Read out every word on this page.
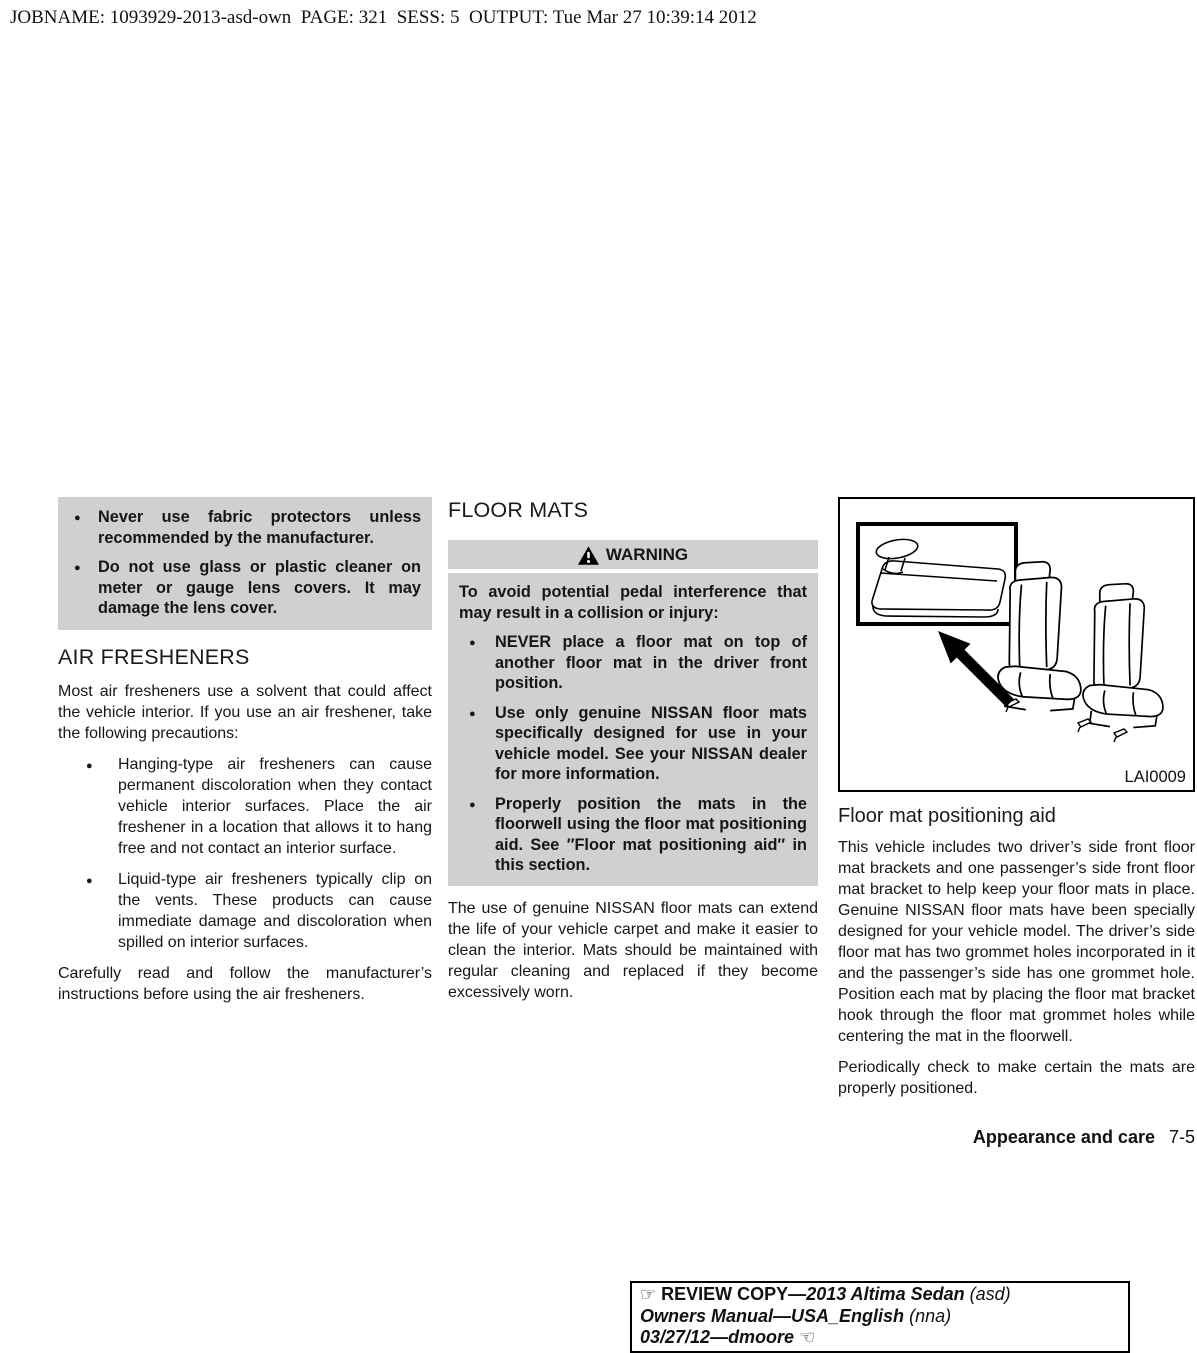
JOBNAME: 1093929-2013-asd-own  PAGE: 321  SESS: 5  OUTPUT: Tue Mar 27 10:39:14 2012
● Never use fabric protectors unless recommended by the manufacturer.
● Do not use glass or plastic cleaner on meter or gauge lens covers. It may damage the lens cover.
AIR FRESHENERS
Most air fresheners use a solvent that could affect the vehicle interior. If you use an air freshener, take the following precautions:
● Hanging-type air fresheners can cause permanent discoloration when they contact vehicle interior surfaces. Place the air freshener in a location that allows it to hang free and not contact an interior surface.
● Liquid-type air fresheners typically clip on the vents. These products can cause immediate damage and discoloration when spilled on interior surfaces.
Carefully read and follow the manufacturer’s instructions before using the air fresheners.
FLOOR MATS
WARNING
To avoid potential pedal interference that may result in a collision or injury:
● NEVER place a floor mat on top of another floor mat in the driver front position.
● Use only genuine NISSAN floor mats specifically designed for use in your vehicle model. See your NISSAN dealer for more information.
● Properly position the mats in the floorwell using the floor mat positioning aid. See ″Floor mat positioning aid″ in this section.
The use of genuine NISSAN floor mats can extend the life of your vehicle carpet and make it easier to clean the interior. Mats should be maintained with regular cleaning and replaced if they become excessively worn.
LAI0009
Floor mat positioning aid
This vehicle includes two driver’s side front floor mat brackets and one passenger’s side front floor mat bracket to help keep your floor mats in place. Genuine NISSAN floor mats have been specially designed for your vehicle model. The driver’s side floor mat has two grommet holes incorporated in it and the passenger’s side has one grommet hole. Position each mat by placing the floor mat bracket hook through the floor mat grommet holes while centering the mat in the floorwell.
Periodically check to make certain the mats are properly positioned.
Appearance and care 7-5
☞ REVIEW COPY—2013 Altima Sedan (asd)
Owners Manual—USA_English (nna)
03/27/12—dmoore ☜
